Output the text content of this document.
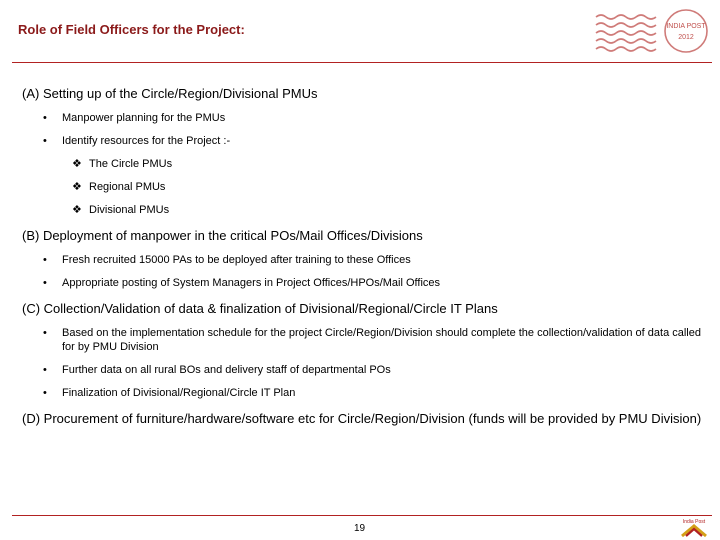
Role of Field Officers for the Project:	INDIA POST
2012
(A) Setting up of the Circle/Region/Divisional PMUs
• Manpower planning for the PMUs
• Identify resources for the Project :-
❖ The Circle PMUs
❖ Regional PMUs
❖ Divisional PMUs
(B) Deployment of manpower in the critical POs/Mail Offices/Divisions
• Fresh recruited 15000 PAs to be deployed after training to these Offices
• Appropriate posting of System Managers in Project Offices/HPOs/Mail Offices
(C) Collection/Validation of data & finalization of Divisional/Regional/Circle IT Plans
• Based on the implementation schedule for the project Circle/Region/Division should complete the collection/validation of data called for by PMU Division
• Further data on all rural BOs and delivery staff of departmental POs
• Finalization of Divisional/Regional/Circle IT Plan
(D) Procurement of furniture/hardware/software etc for Circle/Region/Division (funds will be provided by PMU Division)
19
India Post
